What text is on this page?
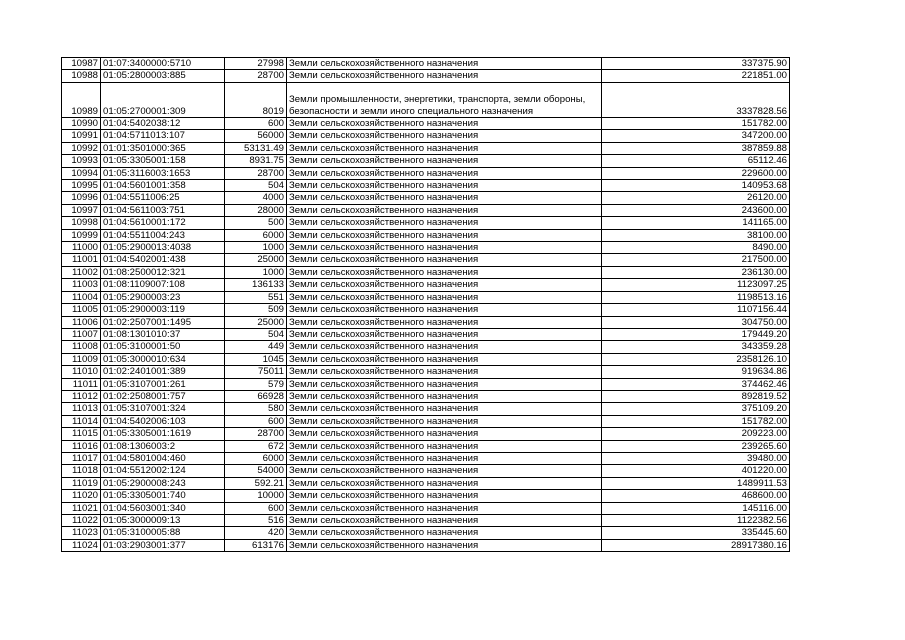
10987	01:07:3400000:5710	27998	Земли сельскохозяйственного назначения	337375.90
10988	01:05:2800003:885	28700	Земли сельскохозяйственного назначения	221851.00
10989	01:05:2700001:309	8019	Земли промышленности, энергетики, транспорта, земли обороны, безопасности и земли иного специального назначения	3337828.56
10990	01:04:5402038:12	600	Земли сельскохозяйственного назначения	151782.00
10991	01:04:5711013:107	56000	Земли сельскохозяйственного назначения	347200.00
10992	01:01:3501000:365	53131.49	Земли сельскохозяйственного назначения	387859.88
10993	01:05:3305001:158	8931.75	Земли сельскохозяйственного назначения	65112.46
10994	01:05:3116003:1653	28700	Земли сельскохозяйственного назначения	229600.00
10995	01:04:5601001:358	504	Земли сельскохозяйственного назначения	140953.68
10996	01:04:5511006:25	4000	Земли сельскохозяйственного назначения	26120.00
10997	01:04:5611003:751	28000	Земли сельскохозяйственного назначения	243600.00
10998	01:04:5610001:172	500	Земли сельскохозяйственного назначения	141165.00
10999	01:04:5511004:243	6000	Земли сельскохозяйственного назначения	38100.00
11000	01:05:2900013:4038	1000	Земли сельскохозяйственного назначения	8490.00
11001	01:04:5402001:438	25000	Земли сельскохозяйственного назначения	217500.00
11002	01:08:2500012:321	1000	Земли сельскохозяйственного назначения	236130.00
11003	01:08:1109007:108	136133	Земли сельскохозяйственного назначения	1123097.25
11004	01:05:2900003:23	551	Земли сельскохозяйственного назначения	1198513.16
11005	01:05:2900003:119	509	Земли сельскохозяйственного назначения	1107156.44
11006	01:02:2507001:1495	25000	Земли сельскохозяйственного назначения	304750.00
11007	01:08:1301010:37	504	Земли сельскохозяйственного назначения	179449.20
11008	01:05:3100001:50	449	Земли сельскохозяйственного назначения	343359.28
11009	01:05:3000010:634	1045	Земли сельскохозяйственного назначения	2358126.10
11010	01:02:2401001:389	75011	Земли сельскохозяйственного назначения	919634.86
11011	01:05:3107001:261	579	Земли сельскохозяйственного назначения	374462.46
11012	01:02:2508001:757	66928	Земли сельскохозяйственного назначения	892819.52
11013	01:05:3107001:324	580	Земли сельскохозяйственного назначения	375109.20
11014	01:04:5402006:103	600	Земли сельскохозяйственного назначения	151782.00
11015	01:05:3305001:1619	28700	Земли сельскохозяйственного назначения	209223.00
11016	01:08:1306003:2	672	Земли сельскохозяйственного назначения	239265.60
11017	01:04:5801004:460	6000	Земли сельскохозяйственного назначения	39480.00
11018	01:04:5512002:124	54000	Земли сельскохозяйственного назначения	401220.00
11019	01:05:2900008:243	592.21	Земли сельскохозяйственного назначения	1489911.53
11020	01:05:3305001:740	10000	Земли сельскохозяйственного назначения	468600.00
11021	01:04:5603001:340	600	Земли сельскохозяйственного назначения	145116.00
11022	01:05:3000009:13	516	Земли сельскохозяйственного назначения	1122382.56
11023	01:05:3100005:88	420	Земли сельскохозяйственного назначения	335445.60
11024	01:03:2903001:377	613176	Земли сельскохозяйственного назначения	28917380.16
